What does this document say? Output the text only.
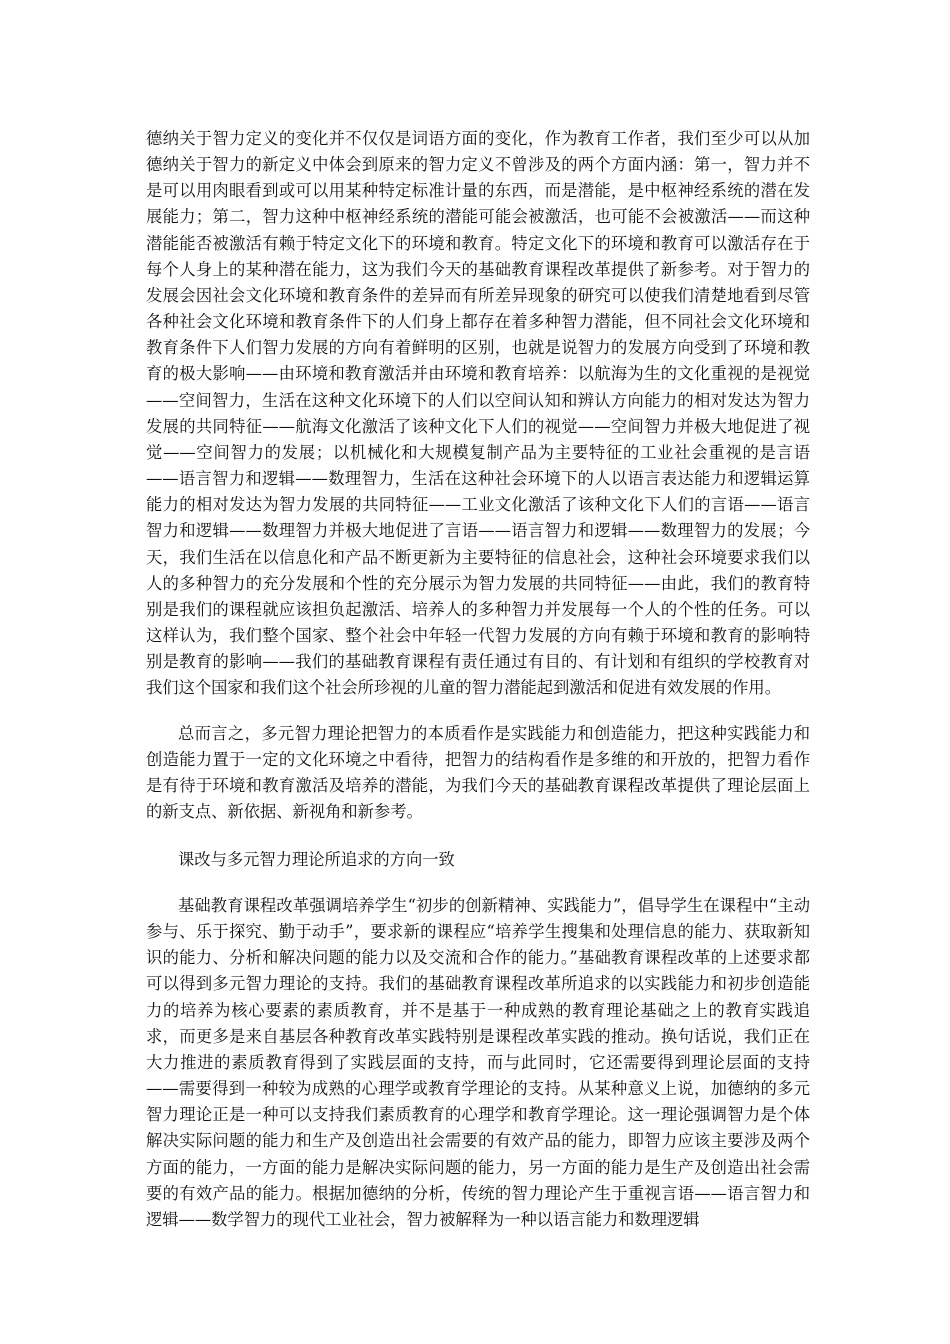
德纳关于智力定义的变化并不仅仅是词语方面的变化，作为教育工作者，我们至少可以从加德纳关于智力的新定义中体会到原来的智力定义不曾涉及的两个方面内涵：第一，智力并不是可以用肉眼看到或可以用某种特定标准计量的东西，而是潜能，是中枢神经系统的潜在发展能力；第二，智力这种中枢神经系统的潜能可能会被激活，也可能不会被激活——而这种潜能能否被激活有赖于特定文化下的环境和教育。特定文化下的环境和教育可以激活存在于每个人身上的某种潜在能力，这为我们今天的基础教育课程改革提供了新参考。对于智力的发展会因社会文化环境和教育条件的差异而有所差异现象的研究可以使我们清楚地看到尽管各种社会文化环境和教育条件下的人们身上都存在着多种智力潜能，但不同社会文化环境和教育条件下人们智力发展的方向有着鲜明的区别，也就是说智力的发展方向受到了环境和教育的极大影响——由环境和教育激活并由环境和教育培养：以航海为生的文化重视的是视觉——空间智力，生活在这种文化环境下的人们以空间认知和辨认方向能力的相对发达为智力发展的共同特征——航海文化激活了该种文化下人们的视觉——空间智力并极大地促进了视觉——空间智力的发展；以机械化和大规模复制产品为主要特征的工业社会重视的是言语——语言智力和逻辑——数理智力，生活在这种社会环境下的人以语言表达能力和逻辑运算能力的相对发达为智力发展的共同特征——工业文化激活了该种文化下人们的言语——语言智力和逻辑——数理智力并极大地促进了言语——语言智力和逻辑——数理智力的发展；今天，我们生活在以信息化和产品不断更新为主要特征的信息社会，这种社会环境要求我们以人的多种智力的充分发展和个性的充分展示为智力发展的共同特征——由此，我们的教育特别是我们的课程就应该担负起激活、培养人的多种智力并发展每一个人的个性的任务。可以这样认为，我们整个国家、整个社会中年轻一代智力发展的方向有赖于环境和教育的影响特别是教育的影响——我们的基础教育课程有责任通过有目的、有计划和有组织的学校教育对我们这个国家和我们这个社会所珍视的儿童的智力潜能起到激活和促进有效发展的作用。

总而言之，多元智力理论把智力的本质看作是实践能力和创造能力，把这种实践能力和创造能力置于一定的文化环境之中看待，把智力的结构看作是多维的和开放的，把智力看作是有待于环境和教育激活及培养的潜能，为我们今天的基础教育课程改革提供了理论层面上的新支点、新依据、新视角和新参考。

课改与多元智力理论所追求的方向一致

基础教育课程改革强调培养学生“初步的创新精神、实践能力”，倡导学生在课程中“主动参与、乐于探究、勤于动手”，要求新的课程应“培养学生搜集和处理信息的能力、获取新知识的能力、分析和解决问题的能力以及交流和合作的能力。”基础教育课程改革的上述要求都可以得到多元智力理论的支持。我们的基础教育课程改革所追求的以实践能力和初步创造能力的培养为核心要素的素质教育，并不是基于一种成熟的教育理论基础之上的教育实践追求，而更多是来自基层各种教育改革实践特别是课程改革实践的推动。换句话说，我们正在大力推进的素质教育得到了实践层面的支持，而与此同时，它还需要得到理论层面的支持——需要得到一种较为成熟的心理学或教育学理论的支持。从某种意义上说，加德纳的多元智力理论正是一种可以支持我们素质教育的心理学和教育学理论。这一理论强调智力是个体解决实际问题的能力和生产及创造出社会需要的有效产品的能力，即智力应该主要涉及两个方面的能力，一方面的能力是解决实际问题的能力，另一方面的能力是生产及创造出社会需要的有效产品的能力。根据加德纳的分析，传统的智力理论产生于重视言语——语言智力和逻辑——数学智力的现代工业社会，智力被解释为一种以语言能力和数理逻辑
